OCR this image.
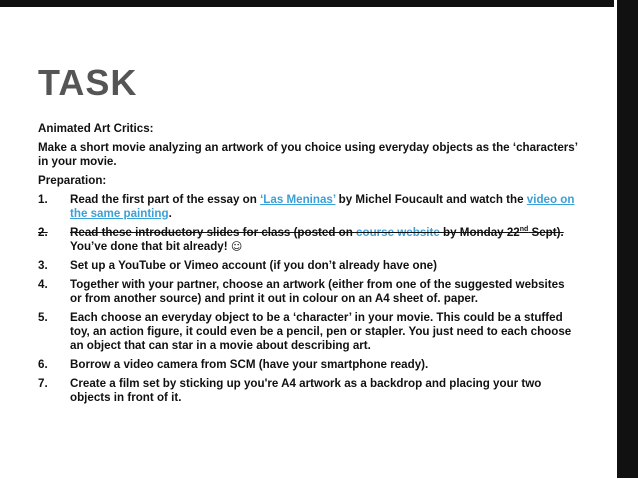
TASK

Animated Art Critics:

Make a short movie analyzing an artwork of you choice using everyday objects as the ‘characters’ in your movie.

Preparation:

1.	Read the first part of the essay on ‘Las Meninas’ by Michel Foucault and watch the video on the same painting.
2.	Read these introductory slides for class (posted on course website by Monday 22nd Sept). You’ve done that bit already! ☺
3.	Set up a YouTube or Vimeo account (if you don’t already have one)
4.	Together with your partner, choose an artwork (either from one of the suggested websites or from another source) and print it out in colour on an A4 sheet of. paper.
5.	Each choose an everyday object to be a ‘character’ in your movie. This could be a stuffed toy, an action figure, it could even be a pencil, pen or stapler. You just need to each choose an object that can star in a movie about describing art.
6.	Borrow a video camera from SCM (have your smartphone ready).
7.	Create a film set by sticking up you're A4 artwork as a backdrop and placing your two objects in front of it.
